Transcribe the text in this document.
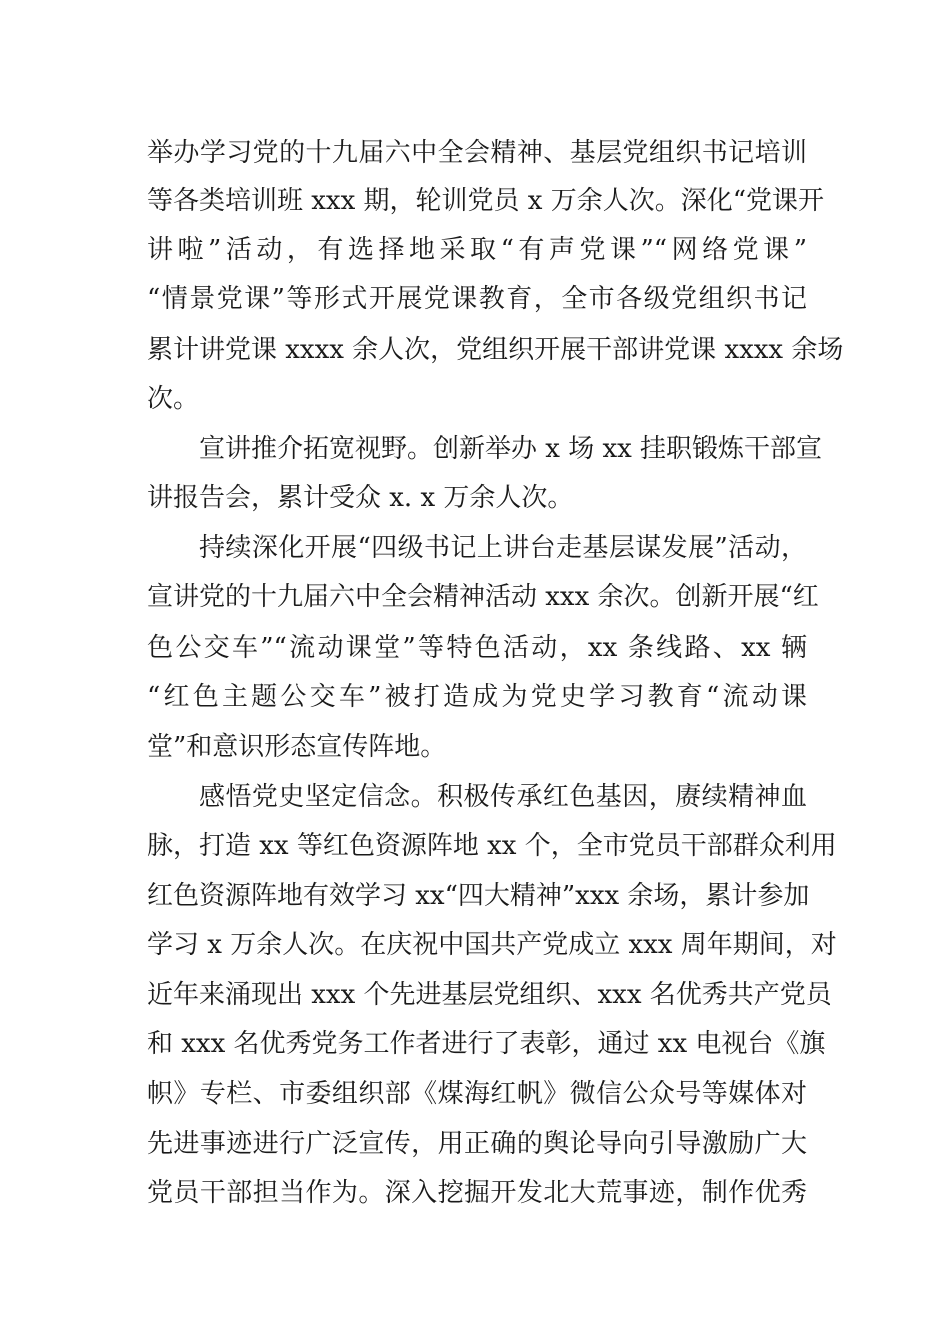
举办学习党的十九届六中全会精神、基层党组织书记培训
等各类培训班 xxx 期，轮训党员 x 万余人次。深化“党课开
讲啦”活动，有选择地采取“有声党课”“网络党课”
“情景党课”等形式开展党课教育，全市各级党组织书记
累计讲党课 xxxx 余人次，党组织开展干部讲党课 xxxx 余场
次。
宣讲推介拓宽视野。创新举办 x 场 xx 挂职锻炼干部宣
讲报告会，累计受众 x. x 万余人次。
持续深化开展“四级书记上讲台走基层谋发展”活动，
宣讲党的十九届六中全会精神活动 xxx 余次。创新开展“红
色公交车”“流动课堂”等特色活动，xx 条线路、xx 辆
“红色主题公交车”被打造成为党史学习教育“流动课
堂”和意识形态宣传阵地。
感悟党史坚定信念。积极传承红色基因，赓续精神血
脉，打造 xx 等红色资源阵地 xx 个，全市党员干部群众利用
红色资源阵地有效学习 xx“四大精神”xxx 余场，累计参加
学习 x 万余人次。在庆祝中国共产党成立 xxx 周年期间，对
近年来涌现出 xxx 个先进基层党组织、xxx 名优秀共产党员
和 xxx 名优秀党务工作者进行了表彰，通过 xx 电视台《旗
帜》专栏、市委组织部《煤海红帆》微信公众号等媒体对
先进事迹进行广泛宣传，用正确的舆论导向引导激励广大
党员干部担当作为。深入挖掘开发北大荒事迹，制作优秀
